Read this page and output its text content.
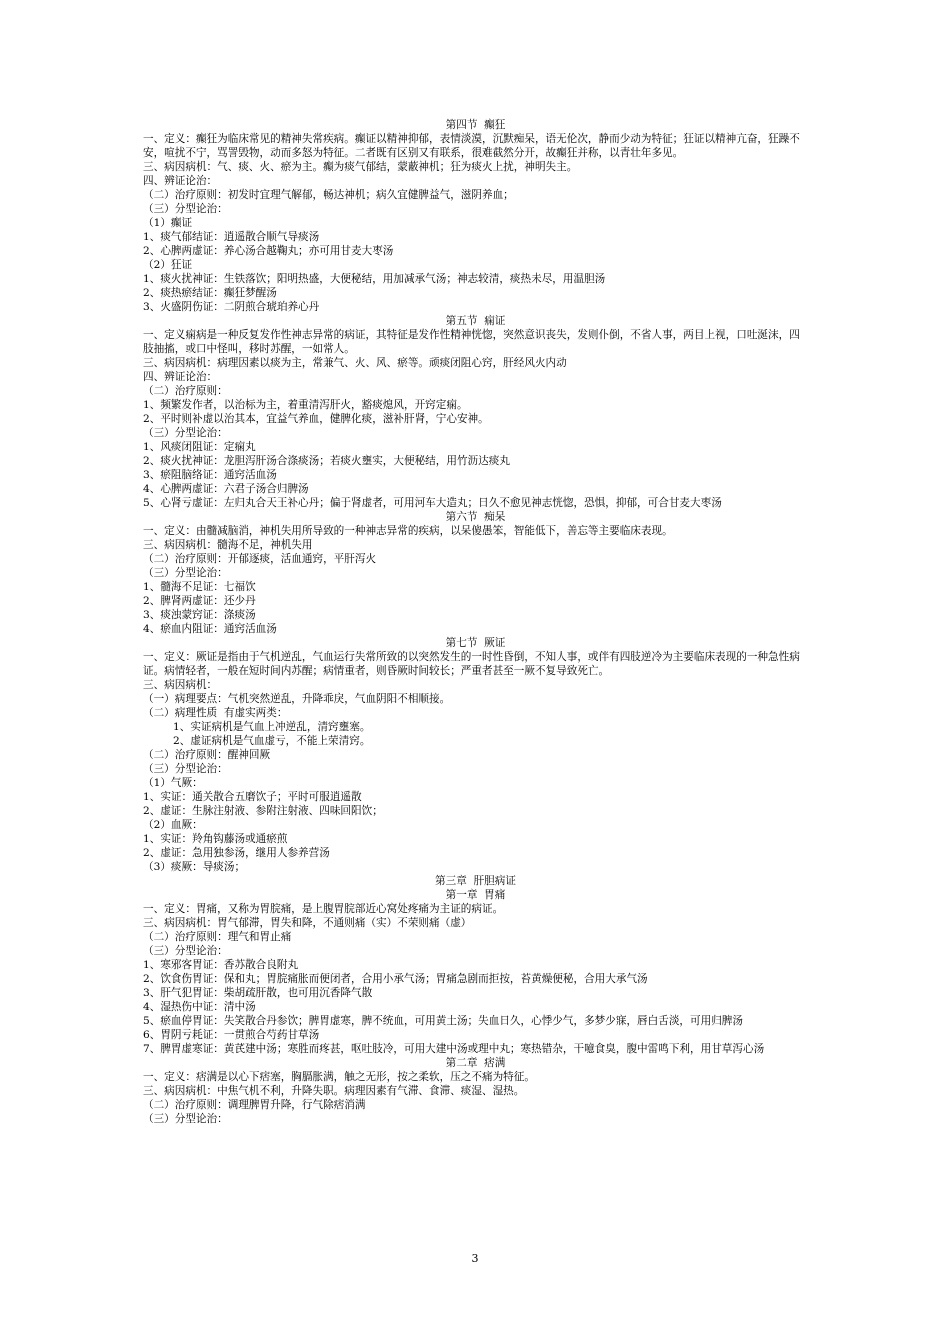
第四节  癫狂

一、定义：癫狂为临床常见的精神失常疾病。癫证以精神抑郁，表情淡漠，沉默痴呆，语无伦次，静而少动为特征；狂证以精神亢奋，狂躁不安，喧扰不宁，骂詈毁物，动而多怒为特征。二者既有区别又有联系，很难截然分开，故癫狂并称，以青壮年多见。

三、病因病机：气、痰、火、瘀为主。癫为痰气郁结，蒙蔽神机；狂为痰火上扰，神明失主。

四、辨证论治：

（二）治疗原则：初发时宜理气解郁，畅达神机；病久宜健脾益气，滋阴养血；

（三）分型论治：

（1）癫证

1、痰气郁结证：逍遥散合顺气导痰汤

2、心脾两虚证：养心汤合越鞠丸；亦可用甘麦大枣汤

（2）狂证

1、痰火扰神证：生铁落饮；阳明热盛，大便秘结，用加减承气汤；神志较清，痰热未尽，用温胆汤

2、痰热瘀结证：癫狂梦醒汤

3、火盛阴伤证：二阴煎合琥珀养心丹

第五节  痫证

一、定义痫病是一种反复发作性神志异常的病证，其特征是发作性精神恍惚，突然意识丧失，发则仆倒，不省人事，两目上视，口吐涎沫，四肢抽搐，或口中怪叫，移时苏醒，一如常人。

三、病因病机：病理因素以痰为主，常兼气、火、风、瘀等。顽痰闭阻心窍，肝经风火内动

四、辨证论治：

（二）治疗原则：

1、频繁发作者，以治标为主，着重清泻肝火，豁痰熄风，开窍定痫。

2、平时则补虚以治其本，宜益气养血，健脾化痰，滋补肝肾，宁心安神。

（三）分型论治：

1、风痰闭阻证：定痫丸

2、痰火扰神证：龙胆泻肝汤合涤痰汤；若痰火壅实，大便秘结，用竹沥达痰丸

3、瘀阻脑络证：通窍活血汤

4、心脾两虚证：六君子汤合归脾汤

5、心肾亏虚证：左归丸合天王补心丹；偏于肾虚者，可用河车大造丸；日久不愈见神志恍惚，恐惧，抑郁，可合甘麦大枣汤

第六节  痴呆

一、定义：由髓减脑消，神机失用所导致的一种神志异常的疾病，以呆傻愚笨，智能低下，善忘等主要临床表现。

三、病因病机：髓海不足，神机失用

（二）治疗原则：开郁逐痰，活血通窍，平肝泻火

（三）分型论治：

1、髓海不足证：七福饮

2、脾肾两虚证：还少丹

3、痰浊蒙窍证：涤痰汤

4、瘀血内阻证：通窍活血汤

第七节  厥证

一、定义：厥证是指由于气机逆乱，气血运行失常所致的以突然发生的一时性昏倒，不知人事，或伴有四肢逆冷为主要临床表现的一种急性病证。病情轻者，一般在短时间内苏醒；病情重者，则昏厥时间较长；严重者甚至一厥不复导致死亡。

三、病因病机：

（一）病理要点：气机突然逆乱，升降乖戾，气血阴阳不相顺接。

（二）病理性质  有虚实两类：

1、实证病机是气血上冲逆乱，清窍壅塞。

2、虚证病机是气血虚亏，不能上荣清窍。

（二）治疗原则：醒神回厥

（三）分型论治：

（1）气厥：

1、实证：通关散合五磨饮子；平时可服逍遥散

2、虚证：生脉注射液、参附注射液、四味回阳饮；

（2）血厥：

1、实证：羚角钩藤汤或通瘀煎

2、虚证：急用独参汤，继用人参养营汤

（3）痰厥：导痰汤；

第三章  肝胆病证

第一章  胃痛

一、定义：胃痛，又称为胃脘痛，是上腹胃脘部近心窝处疼痛为主证的病证。

三、病因病机：胃气郁滞，胃失和降，不通则痛（实）不荣则痛（虚）

（二）治疗原则：理气和胃止痛

（三）分型论治：

1、寒邪客胃证：香苏散合良附丸

2、饮食伤胃证：保和丸；胃脘痛胀而便闭者，合用小承气汤；胃痛急剧而拒按，苔黄燥便秘，合用大承气汤

3、肝气犯胃证：柴胡疏肝散，也可用沉香降气散

4、湿热伤中证：清中汤

5、瘀血停胃证：失笑散合丹参饮；脾胃虚寒，脾不统血，可用黄土汤；失血日久，心悸少气，多梦少寐，唇白舌淡，可用归脾汤

6、胃阴亏耗证：一贯煎合芍药甘草汤

7、脾胃虚寒证：黄芪建中汤；寒胜而疼甚，呕吐肢冷，可用大建中汤或理中丸；寒热错杂，干噫食臭，腹中雷鸣下利，用甘草泻心汤

第二章  痞满

一、定义：痞满是以心下痞塞，胸膈胀满，触之无形，按之柔软，压之不痛为特征。

三、病因病机：中焦气机不利，升降失职。病理因素有气滞、食滞、痰湿、湿热。

（二）治疗原则：调理脾胃升降，行气除痞消满

（三）分型论治：

3
